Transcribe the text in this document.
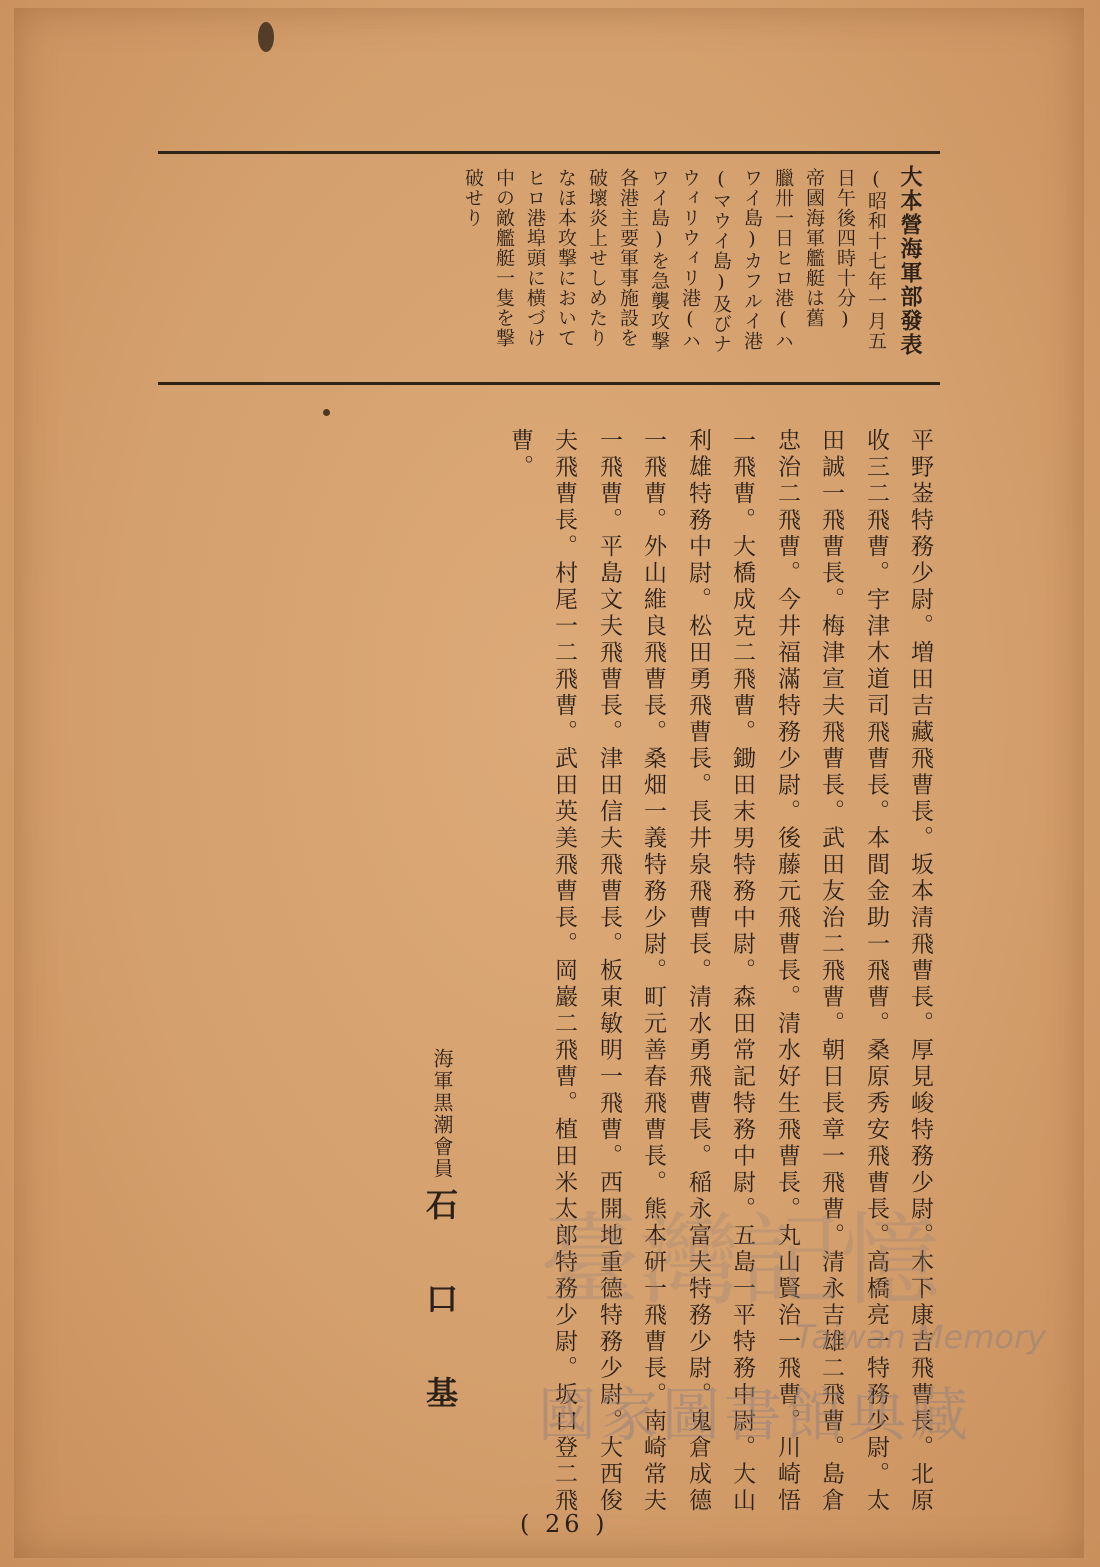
大本營海軍部發表
(昭和十七年一月五
日午後四時十分)
帝國海軍艦艇は舊
臘卅一日ヒロ港(ハ
ワイ島)カフルイ港
(マウイ島)及びナ
ウィリウィリ港(ハ
ワイ島)を急襲攻撃
各港主要軍事施設を
破壞炎上せしめたり
なほ本攻撃において
ヒロ港埠頭に横づけ
中の敵艦艇一隻を撃
破せり
平野崟特務少尉。増田吉藏飛曹長。坂本清飛曹長。厚見峻特務少尉。木下康吉飛曹長。北原
收三二飛曹。宇津木道司飛曹長。本間金助一飛曹。桑原秀安飛曹長。高橋亮一特務少尉。太
田誠一飛曹長。梅津宣夫飛曹長。武田友治二飛曹。朝日長章一飛曹。清永吉雄二飛曹。島倉
忠治二飛曹。今井福滿特務少尉。後藤元飛曹長。清水好生飛曹長。丸山賢治一飛曹。川崎悟
一飛曹。大橋成克二飛曹。鋤田末男特務中尉。森田常記特務中尉。五島一平特務中尉。大山
利雄特務中尉。松田勇飛曹長。長井泉飛曹長。清水勇飛曹長。稲永富夫特務少尉。鬼倉成德
一飛曹。外山維良飛曹長。桑畑一義特務少尉。町元善春飛曹長。熊本研一飛曹長。南崎常夫
一飛曹。平島文夫飛曹長。津田信夫飛曹長。板東敏明一飛曹。西開地重德特務少尉。大西俊
夫飛曹長。村尾一二飛曹。武田英美飛曹長。岡巖二飛曹。植田米太郎特務少尉。坂口登二飛
曹。
海軍黒潮會員
石
口
基
( 26 )
臺灣記憶
Taiwan Memory
國家圖書館典藏
